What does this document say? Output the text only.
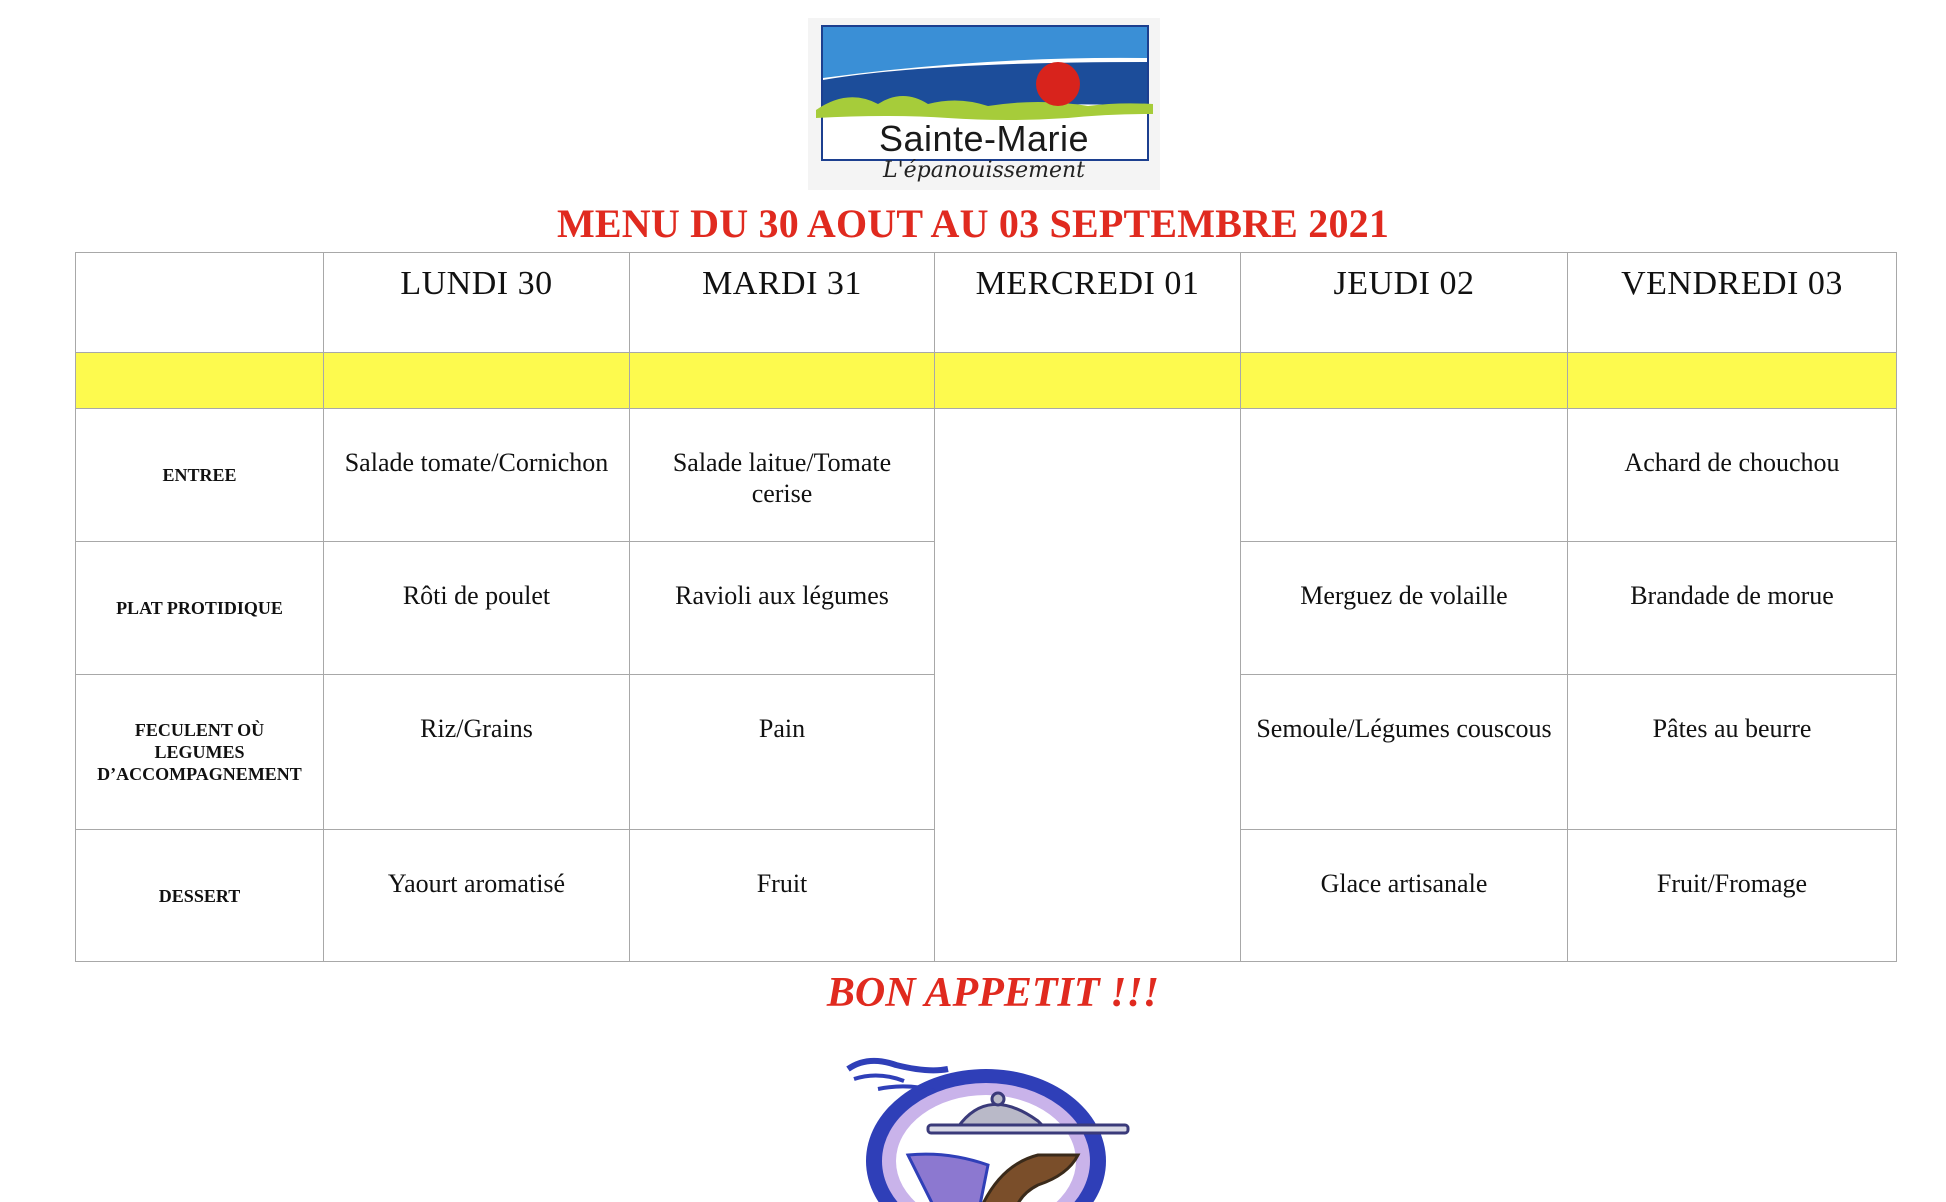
Sainte-Marie
L'épanouissement
MENU DU 30 AOUT AU 03 SEPTEMBRE 2021
	LUNDI 30	MARDI 31	MERCREDI 01	JEUDI 02	VENDREDI 03

ENTREE	Salade tomate/Cornichon	Salade laitue/Tomate cerise			Achard de chouchou
PLAT PROTIDIQUE	Rôti de poulet	Ravioli aux légumes		Merguez de volaille	Brandade de morue
FECULENT OÙ LEGUMES D’ACCOMPAGNEMENT	Riz/Grains	Pain		Semoule/Légumes couscous	Pâtes au beurre
DESSERT	Yaourt aromatisé	Fruit		Glace artisanale	Fruit/Fromage
BON APPETIT !!!
